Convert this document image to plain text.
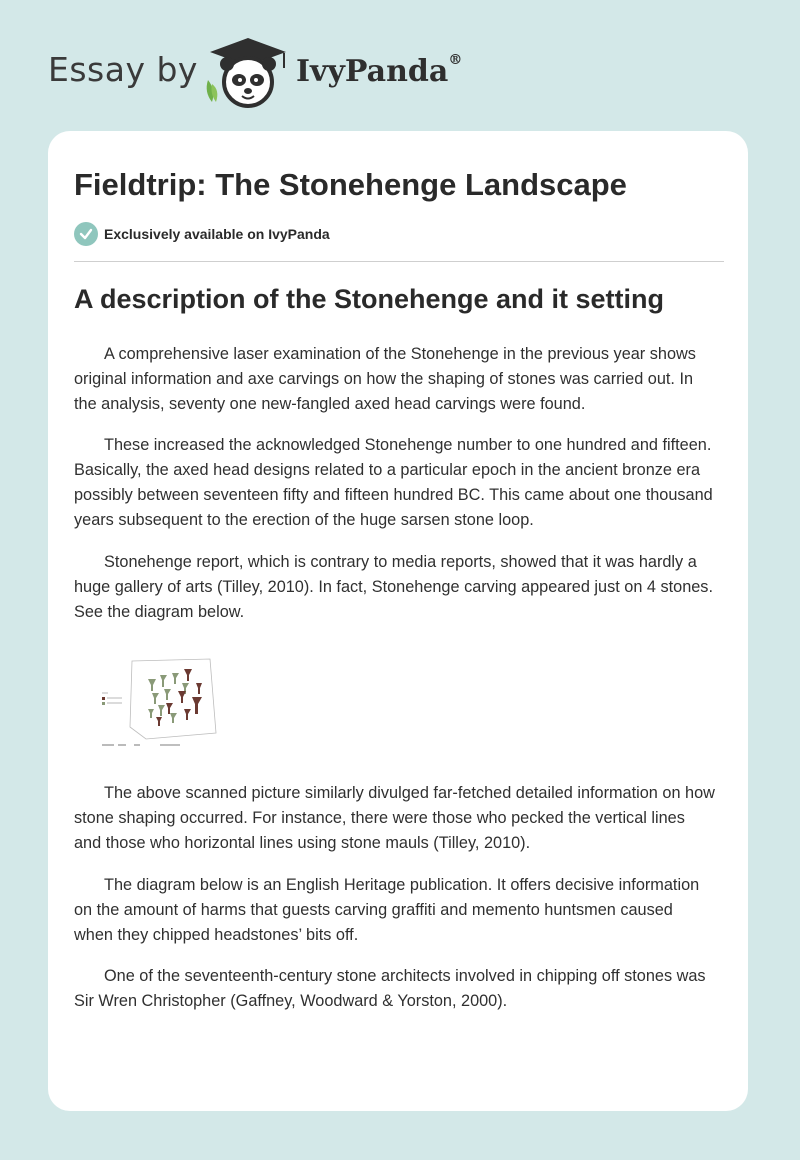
Essay by	IvyPanda®
Fieldtrip: The Stonehenge Landscape
Exclusively available on IvyPanda
A description of the Stonehenge and it setting

A comprehensive laser examination of the Stonehenge in the previous year shows original information and axe carvings on how the shaping of stones was carried out. In the analysis, seventy one new-fangled axed head carvings were found.

These increased the acknowledged Stonehenge number to one hundred and fifteen. Basically, the axed head designs related to a particular epoch in the ancient bronze era possibly between seventeen fifty and fifteen hundred BC. This came about one thousand years subsequent to the erection of the huge sarsen stone loop.

Stonehenge report, which is contrary to media reports, showed that it was hardly a huge gallery of arts (Tilley, 2010). In fact, Stonehenge carving appeared just on 4 stones. See the diagram below.

The above scanned picture similarly divulged far-fetched detailed information on how stone shaping occurred. For instance, there were those who pecked the vertical lines and those who horizontal lines using stone mauls (Tilley, 2010).

The diagram below is an English Heritage publication. It offers decisive information on the amount of harms that guests carving graffiti and memento huntsmen caused when they chipped headstones’ bits off.

One of the seventeenth-century stone architects involved in chipping off stones was Sir Wren Christopher (Gaffney, Woodward & Yorston, 2000).
